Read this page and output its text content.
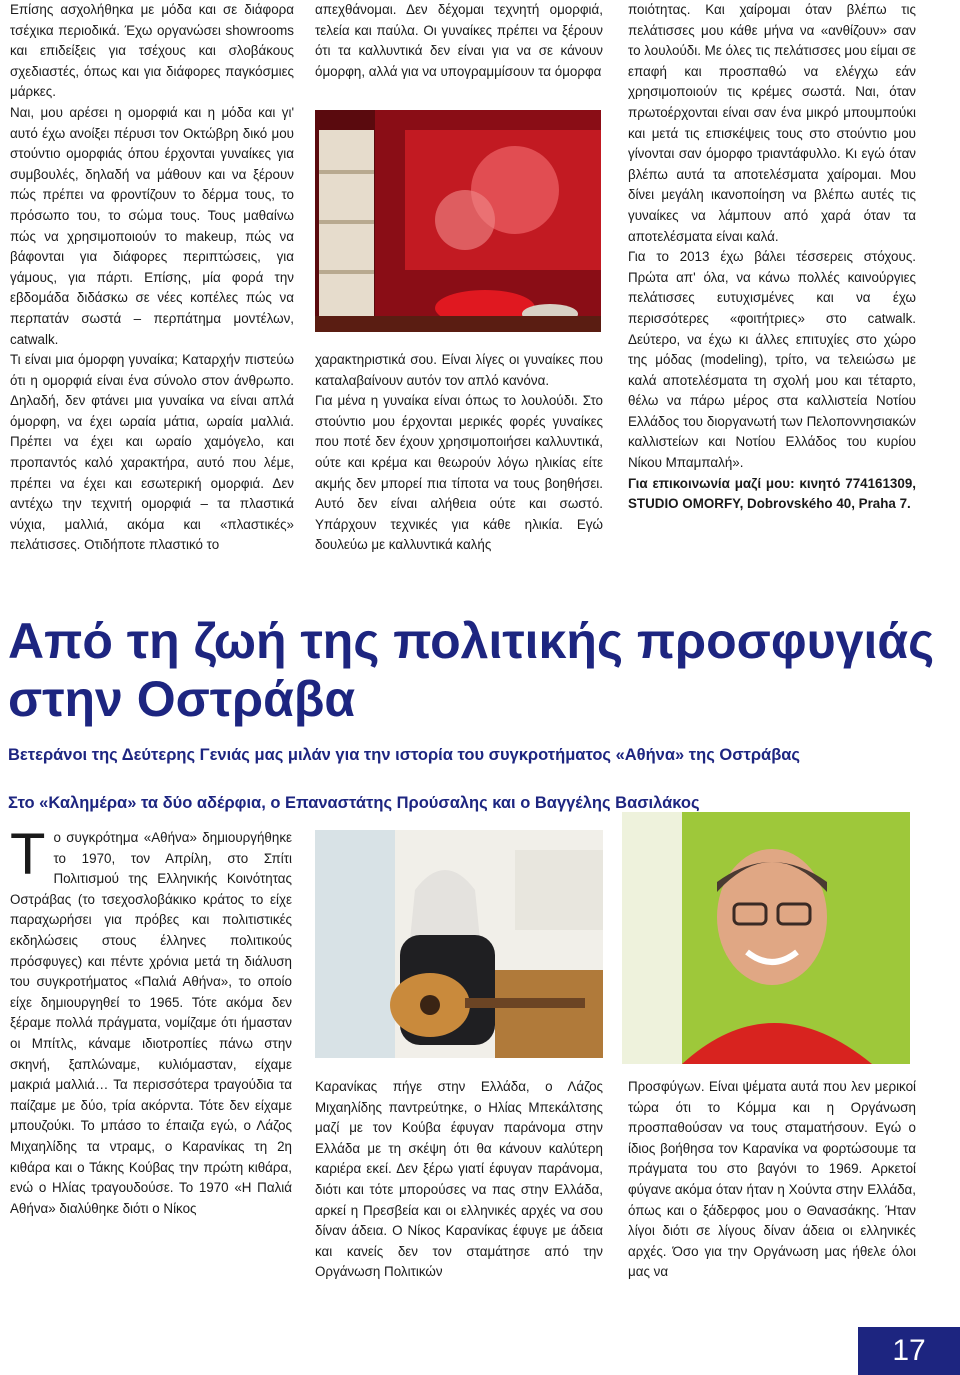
Επίσης ασχολήθηκα με μόδα και σε διάφορα τσέχικα περιοδικά. Έχω οργανώσει showrooms και επιδείξεις για τσέχους και σλοβάκους σχεδιαστές, όπως και για διάφορες παγκόσμιες μάρκες.

Ναι, μου αρέσει η ομορφιά και η μόδα και γι' αυτό έχω ανοίξει πέρυσι τον Οκτώβρη δικό μου στούντιο ομορφιάς όπου έρχονται γυναίκες για συμβουλές, δηλαδή να μάθουν και να ξέρουν πώς πρέπει να φροντίζουν το δέρμα τους, το πρόσωπο του, το σώμα τους. Τους μαθαίνω πώς να χρησιμοποιούν το makeup, πώς να βάφονται για διάφορες περιπτώσεις, για γάμους, για πάρτι. Επίσης, μία φορά την εβδομάδα διδάσκω σε νέες κοπέλες πώς να περπατάν σωστά – περπάτημα μοντέλων, catwalk.

Τι είναι μια όμορφη γυναίκα; Καταρχήν πιστεύω ότι η ομορφιά είναι ένα σύνολο στον άνθρωπο. Δηλαδή, δεν φτάνει μια γυναίκα να είναι απλά όμορφη, να έχει ωραία μάτια, ωραία μαλλιά. Πρέπει να έχει και ωραίο χαμόγελο, και προπαντός καλό χαρακτήρα, αυτό που λέμε, πρέπει να έχει και εσωτερική ομορφιά. Δεν αντέχω την τεχνιτή ομορφιά – τα πλαστικά νύχια, μαλλιά, ακόμα και «πλαστικές» πελάτισσες. Οτιδήποτε πλαστικό το

απεχθάνομαι. Δεν δέχομαι τεχνητή ομορφιά, τελεία και παύλα. Οι γυναίκες πρέπει να ξέρουν ότι τα καλλυντικά δεν είναι για να σε κάνουν όμορφη, αλλά για να υπογραμμίσουν τα όμορφα

χαρακτηριστικά σου. Είναι λίγες οι γυναίκες που καταλαβαίνουν αυτόν τον απλό κανόνα.

Για μένα η γυναίκα είναι όπως το λουλούδι. Στο στούντιο μου έρχονται μερικές φορές γυναίκες που ποτέ δεν έχουν χρησιμοποιήσει καλλυντικά, ούτε και κρέμα και θεωρούν λόγω ηλικίας είτε ακμής δεν μπορεί πια τίποτα να τους βοηθήσει. Αυτό δεν είναι αλήθεια ούτε και σωστό. Υπάρχουν τεχνικές για κάθε ηλικία. Εγώ δουλεύω με καλλυντικά καλής

ποιότητας. Και χαίρομαι όταν βλέπω τις πελάτισσες μου κάθε μήνα να «ανθίζουν» σαν το λουλούδι. Με όλες τις πελάτισσες μου είμαι σε επαφή και προσπαθώ να ελέγχω εάν χρησιμοποιούν τις κρέμες σωστά. Ναι, όταν πρωτοέρχονται είναι σαν ένα μικρό μπουμπούκι και μετά τις επισκέψεις τους στο στούντιο μου γίνονται σαν όμορφο τριαντάφυλλο. Κι εγώ όταν βλέπω αυτά τα αποτελέσματα χαίρομαι. Μου δίνει μεγάλη ικανοποίηση να βλέπω αυτές τις γυναίκες να λάμπουν από χαρά όταν τα αποτελέσματα είναι καλά.

Για το 2013 έχω βάλει τέσσερεις στόχους. Πρώτα απ' όλα, να κάνω πολλές καινούργιες πελάτισσες ευτυχισμένες και να έχω περισσότερες «φοιτήτριες» στο catwalk. Δεύτερο, να έχω κι άλλες επιτυχίες στο χώρο της μόδας (modeling), τρίτο, να τελειώσω με καλά αποτελέσματα τη σχολή μου και τέταρτο, θέλω να πάρω μέρος στα καλλιστεία Νοτίου Ελλάδος του διοργανωτή των Πελοποννησιακών καλλιστείων και Νοτίου Ελλάδος του κυρίου Νίκου Μπαμπαλή».

Για επικοινωνία μαζί μου: κινητό 774161309, STUDIO OMORFY, Dobrovského 40, Praha 7.

Από τη ζωή της πολιτικής προσφυγιάς στην Οστράβα
Βετεράνοι της Δεύτερης Γενιάς μας μιλάν για την ιστορία του συγκροτήματος «Αθήνα» της Οστράβας
Στο «Καλημέρα» τα δύο αδέρφια, ο Επαναστάτης Προύσαλης και ο Βαγγέλης Βασιλάκος
Τ ο συγκρότημα «Αθήνα» δημιουργήθηκε το 1970, τον Απρίλη, στο Σπίτι Πολιτισμού της Ελληνικής Κοινότητας Οστράβας (το τσεχοσλοβάκικο κράτος το είχε παραχωρήσει για πρόβες και πολιτιστικές εκδηλώσεις στους έλληνες πολιτικούς πρόσφυγες) και πέντε χρόνια μετά τη διάλυση του συγκροτήματος «Παλιά Αθήνα», το οποίο είχε δημιουργηθεί το 1965. Τότε ακόμα δεν ξέραμε πολλά πράγματα, νομίζαμε ότι ήμασταν οι Μπίτλς, κάναμε ιδιοτροπίες πάνω στην σκηνή, ξαπλώναμε, κυλιόμασταν, είχαμε μακριά μαλλιά… Τα περισσότερα τραγούδια τα παίζαμε με δύο, τρία ακόρντα. Τότε δεν είχαμε μπουζούκι. Το μπάσο το έπαιζα εγώ, ο Λάζος Μιχαηλίδης τα ντραμς, ο Καρανίκας τη 2η κιθάρα και ο Τάκης Κούβας την πρώτη κιθάρα, ενώ ο Ηλίας τραγουδούσε. Το 1970 «Η Παλιά Αθήνα» διαλύθηκε διότι ο Νίκος
Καρανίκας πήγε στην Ελλάδα, ο Λάζος Μιχαηλίδης παντρεύτηκε, ο Ηλίας Μπεκάλτσης μαζί με τον Κούβα έφυγαν παράνομα στην Ελλάδα με τη σκέψη ότι θα κάνουν καλύτερη καριέρα εκεί. Δεν ξέρω γιατί έφυγαν παράνομα, διότι και τότε μπορούσες να πας στην Ελλάδα, αρκεί η Πρεσβεία και οι ελληνικές αρχές να σου δίναν άδεια. Ο Νίκος Καρανίκας έφυγε με άδεια και κανείς δεν τον σταμάτησε από την Οργάνωση Πολιτικών
Προσφύγων. Είναι ψέματα αυτά που λεν μερικοί τώρα ότι το Κόμμα και η Οργάνωση προσπαθούσαν να τους σταματήσουν. Εγώ ο ίδιος βοήθησα τον Καρανίκα να φορτώσουμε τα πράγματα του στο βαγόνι το 1969. Αρκετοί φύγανε ακόμα όταν ήταν η Χούντα στην Ελλάδα, όπως και ο ξάδερφος μου ο Θανασάκης. Ήταν λίγοι διότι σε λίγους δίναν άδεια οι ελληνικές αρχές. Όσο για την Οργάνωση μας ήθελε όλοι μας να
17
